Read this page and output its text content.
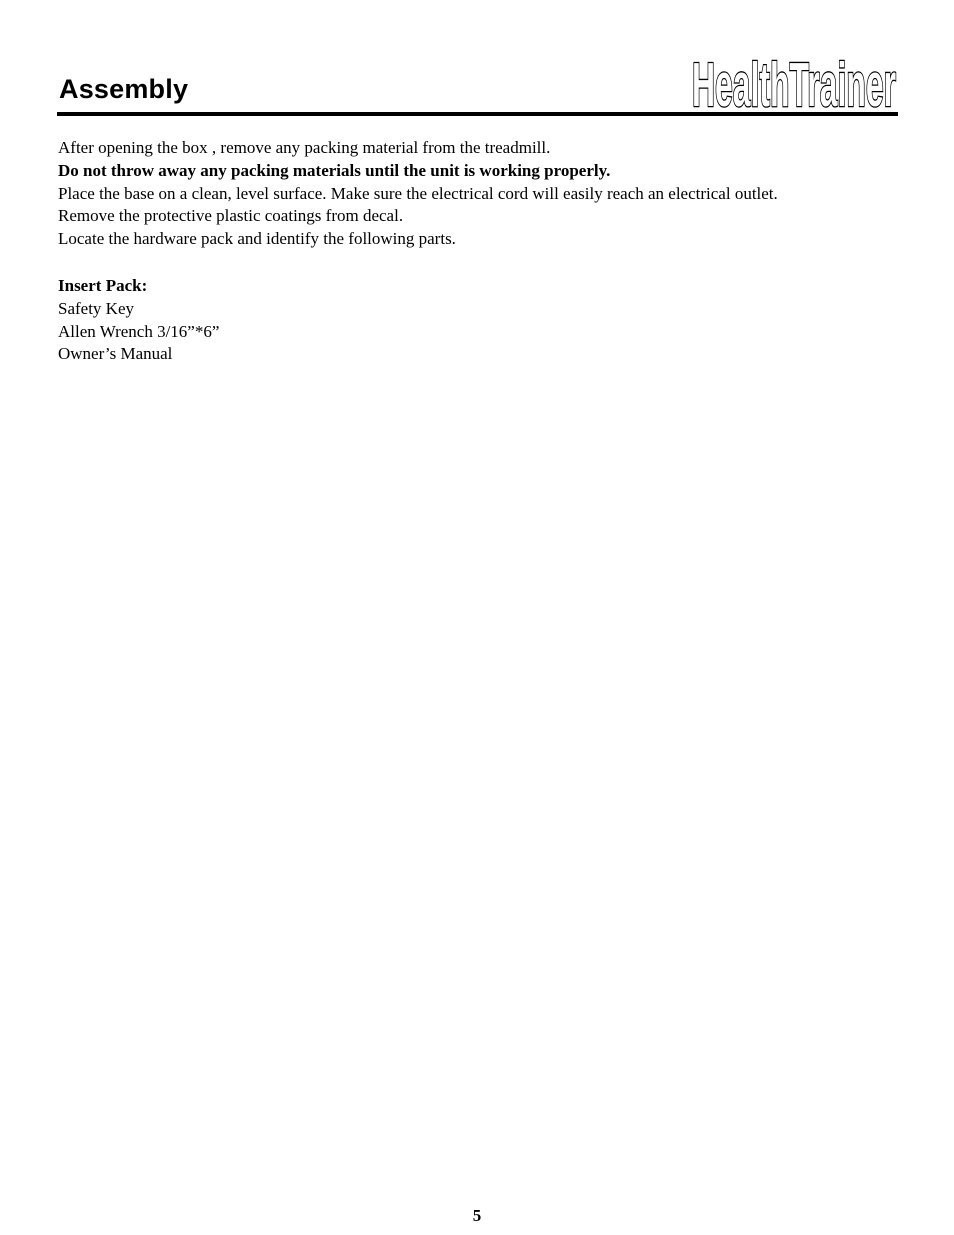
Assembly	HealthTrainer

After opening the box , remove any packing material from the treadmill.

Do not throw away any packing materials until the unit is working properly.

Place the base on a clean, level surface. Make sure the electrical cord will easily reach an electrical outlet.

Remove the protective plastic coatings from decal.

Locate the hardware pack and identify the following parts.

Insert Pack:

Safety Key

Allen Wrench 3/16”*6”

Owner’s Manual

5
